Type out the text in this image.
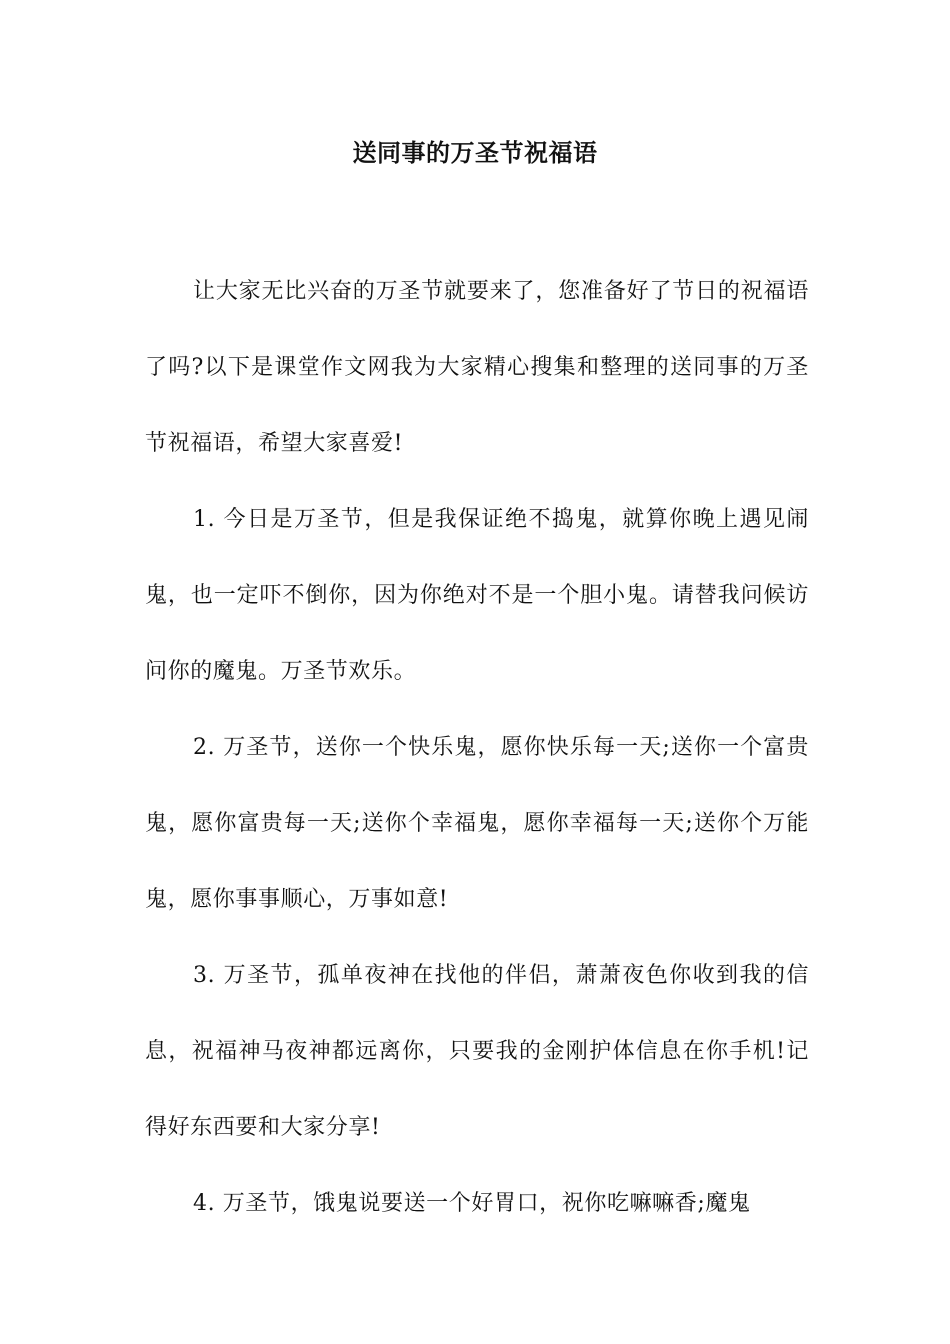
送同事的万圣节祝福语

让大家无比兴奋的万圣节就要来了，您准备好了节日的祝福语了吗?以下是课堂作文网我为大家精心搜集和整理的送同事的万圣节祝福语，希望大家喜爱!

1. 今日是万圣节，但是我保证绝不捣鬼，就算你晚上遇见闹鬼，也一定吓不倒你，因为你绝对不是一个胆小鬼。请替我问候访问你的魔鬼。万圣节欢乐。

2. 万圣节，送你一个快乐鬼，愿你快乐每一天;送你一个富贵鬼，愿你富贵每一天;送你个幸福鬼，愿你幸福每一天;送你个万能鬼，愿你事事顺心，万事如意!

3. 万圣节，孤单夜神在找他的伴侣，萧萧夜色你收到我的信息，祝福神马夜神都远离你，只要我的金刚护体信息在你手机!记得好东西要和大家分享!

4. 万圣节，饿鬼说要送一个好胃口，祝你吃嘛嘛香;魔鬼
